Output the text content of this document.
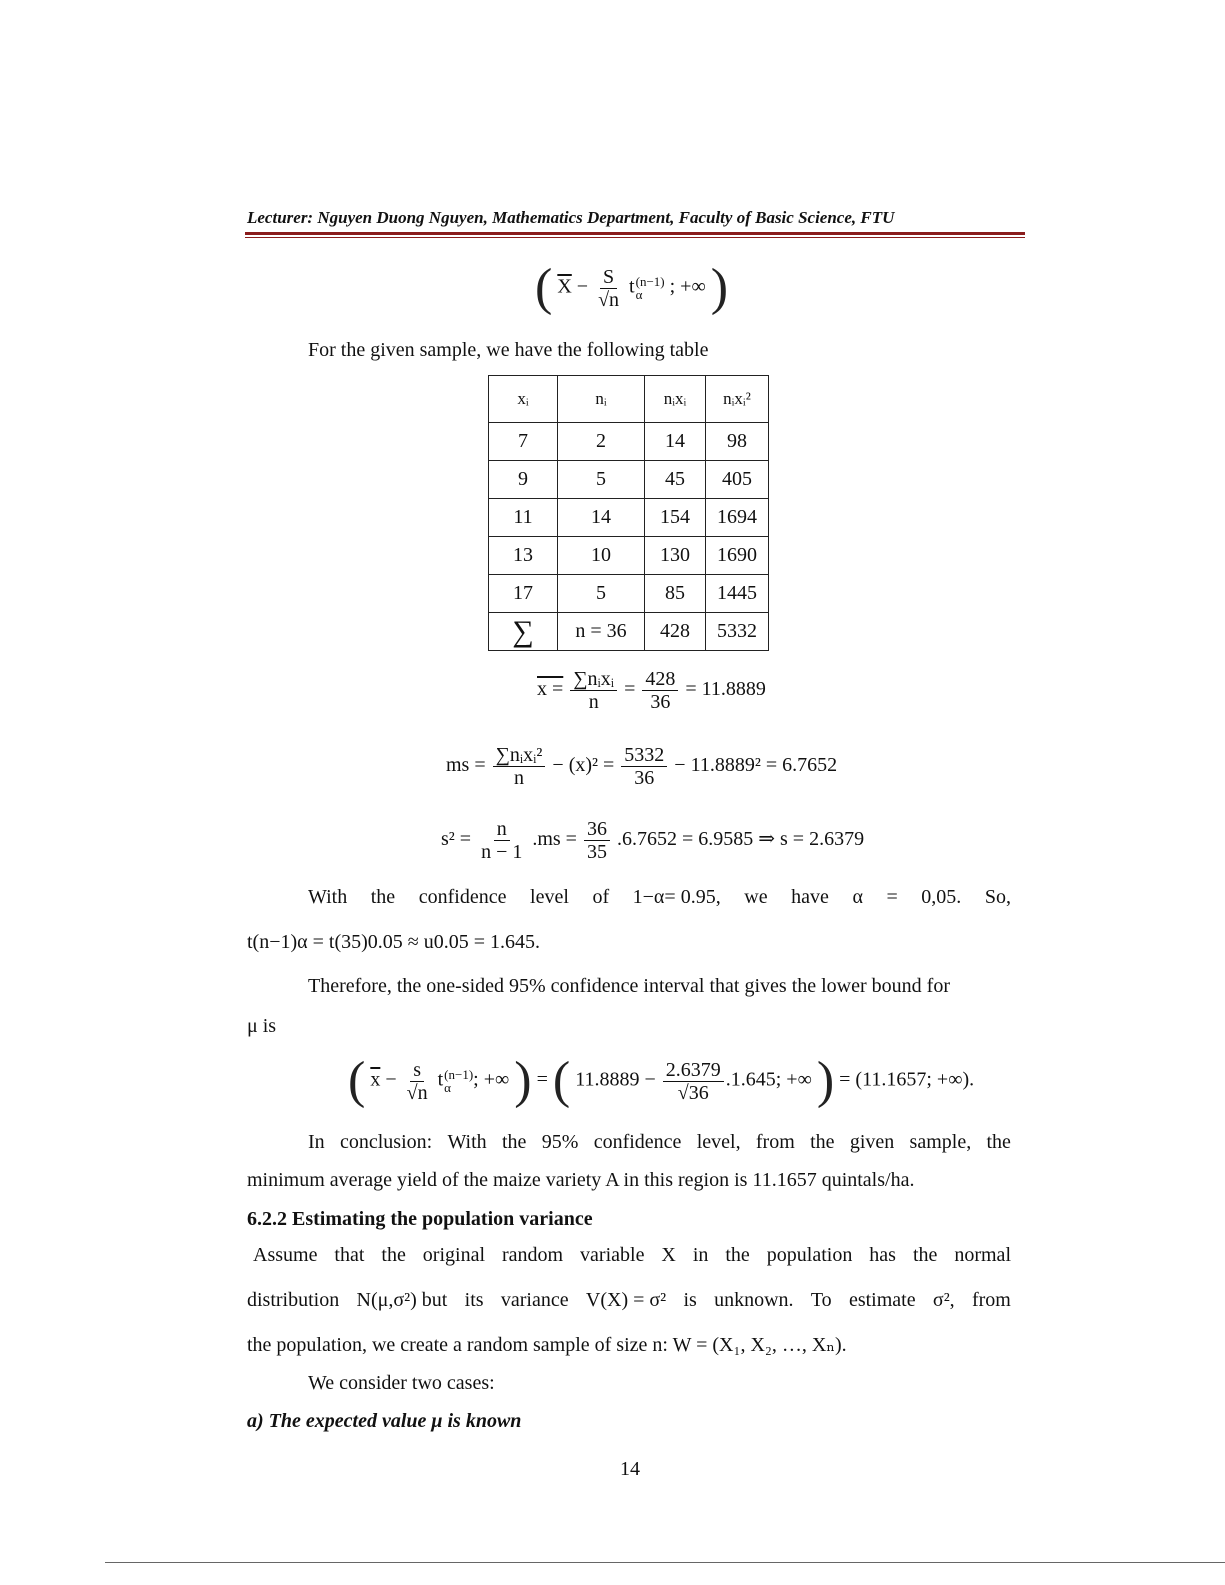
Lecturer: Nguyen Duong Nguyen, Mathematics Department, Faculty of Basic Science, FTU
( $\overline{X} - \frac{S}{√n}$ t (n−1)
α	; +∞ )
For the given sample, we have the following table
xᵢ	nᵢ	nᵢxᵢ	nᵢxᵢ²
7	2	14	98
9	5	45	405
11	14	154	1694
13	10	130	1690
17	5	85	1445
∑	n = 36	428	5332
$x = \frac{\text{∑nᵢxᵢ}}{n} = \frac{428}{36} = 11.8889$
ms = $\frac{\text{∑nᵢxᵢ²}}{n} - (x)^2 = \frac{5332}{36} - 11.8889^2 = 6.7652$
$s^2 = \frac{n}{n - 1} .ms = \frac{36}{35} .6.7652 = 6.9585$ ⇒ s = 2.6379
With the confidence level of 1−α= 0.95, we have α = 0,05. So,
t(n−1)α = t(35)0.05 ≈ u0.05 = 1.645.
Therefore, the one-sided 95% confidence interval that gives the lower bound for
μ is
( $\overline{x} - \frac{s}{√n}$ t (n−1)
α	; +∞ ) = ( $11.8889 - \frac{2.6379}{√36} .1.645$; +∞ ) = (11.1657; +∞).
In conclusion: With the 95% confidence level, from the given sample, the
minimum average yield of the maize variety A in this region is 11.1657 quintals/ha.
6.2.2 Estimating the population variance
Assume that the original random variable X in the population has the normal
distribution N(μ,σ²) but its variance V(X) = σ² is unknown. To estimate σ², from
the population, we create a random sample of size n: W = (X₁, X₂, …, Xₙ).
We consider two cases:
a) The expected value μ is known
14
